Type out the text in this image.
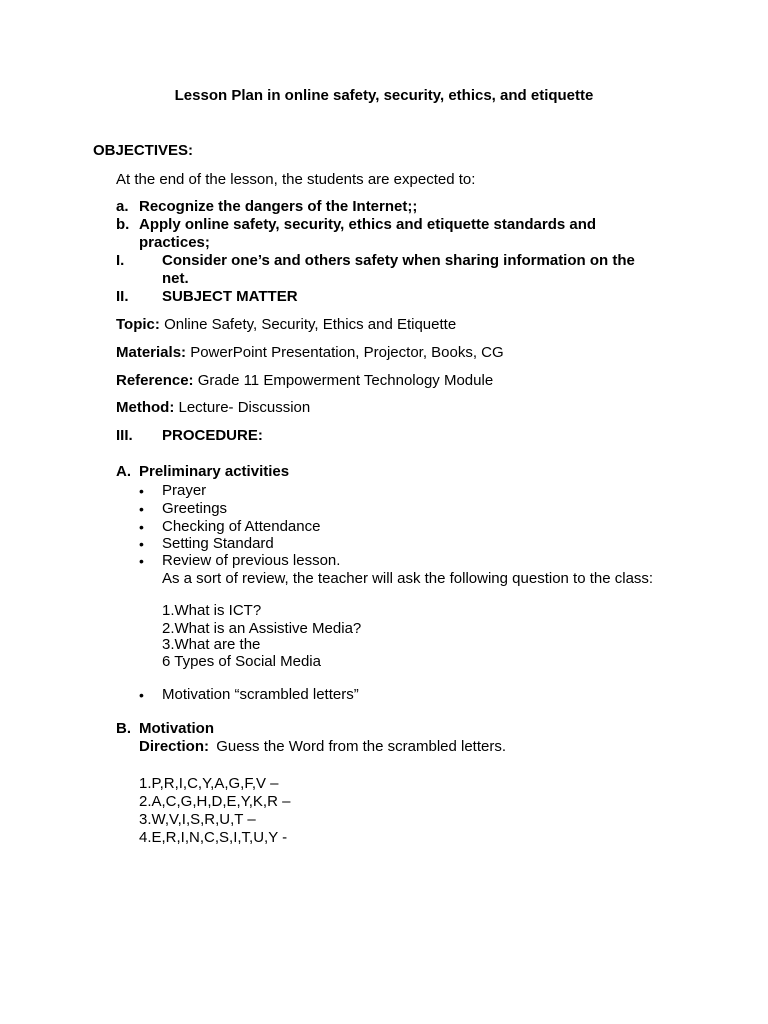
Lesson Plan in online safety, security, ethics, and etiquette
OBJECTIVES:
At the end of the lesson, the students are expected to:
a. Recognize the dangers of the Internet;;
b. Apply online safety, security, ethics and etiquette standards and
practices;
I.	Consider one’s and others safety when sharing information on the
net.
II. SUBJECT MATTER
Topic: Online Safety, Security, Ethics and Etiquette
Materials: PowerPoint Presentation, Projector, Books, CG
Reference: Grade 11 Empowerment Technology Module
Method: Lecture- Discussion
III. PROCEDURE:
A. Preliminary activities
• Prayer
• Greetings
• Checking of Attendance
• Setting Standard
• Review of previous lesson.
As a sort of review, the teacher will ask the following question to the class:
1.What is ICT?
2.What is an Assistive Media?
3.What are the
6 Types of Social Media
• Motivation “scrambled letters”
B. Motivation
Direction: Guess the Word from the scrambled letters.
1.P,R,I,C,Y,A,G,F,V –
2.A,C,G,H,D,E,Y,K,R –
3.W,V,I,S,R,U,T –
4.E,R,I,N,C,S,I,T,U,Y -
